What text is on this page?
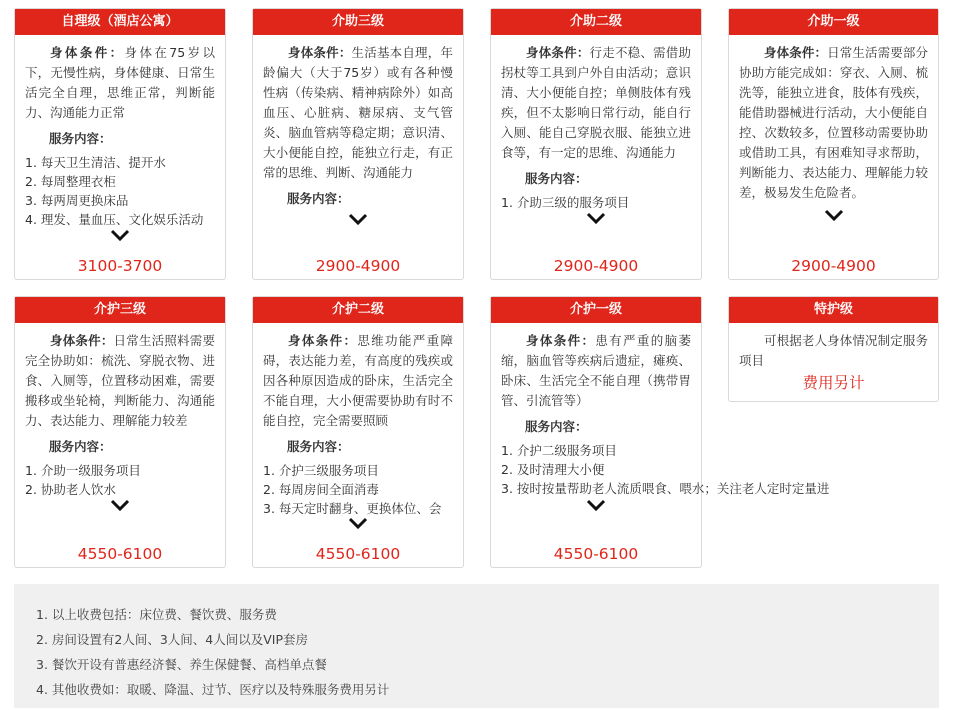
自理级（酒店公寓）

身体条件：身体在75岁以下，无慢性病，身体健康、日常生活完全自理，思维正常，判断能力、沟通能力正常

服务内容：
1. 每天卫生清洁、提开水
2. 每周整理衣柜
3. 每两周更换床品
4. 理发、量血压、文化娱乐活动
3100-3700
介助三级

身体条件：生活基本自理，年龄偏大（大于75岁）或有各种慢性病（传染病、精神病除外）如高血压、心脏病、糖尿病、支气管炎、脑血管病等稳定期；意识清、大小便能自控，能独立行走，有正常的思维、判断、沟通能力

服务内容：
2900-4900
介助二级

身体条件：行走不稳、需借助拐杖等工具到户外自由活动；意识清、大小便能自控；单侧肢体有残疾，但不太影响日常行动，能自行入厕、能自己穿脱衣服、能独立进食等，有一定的思维、沟通能力

服务内容：
1. 介助三级的服务项目
2900-4900
介助一级

身体条件：日常生活需要部分协助方能完成如：穿衣、入厕、梳洗等，能独立进食，肢体有残疾，能借助器械进行活动，大小便能自控、次数较多，位置移动需要协助或借助工具，有困难知寻求帮助，判断能力、表达能力、理解能力较差，极易发生危险者。

2900-4900
介护三级

身体条件：日常生活照料需要完全协助如：梳洗、穿脱衣物、进食、入厕等，位置移动困难，需要搬移或坐轮椅，判断能力、沟通能力、表达能力、理解能力较差

服务内容：
1. 介助一级服务项目
2. 协助老人饮水
4550-6100
介护二级

身体条件：思维功能严重障碍，表达能力差，有高度的残疾或因各种原因造成的卧床，生活完全不能自理，大小便需要协助有时不能自控，完全需要照顾

服务内容：
1. 介护三级服务项目
2. 每周房间全面消毒
3. 每天定时翻身、更换体位、会
4550-6100
介护一级

身体条件：患有严重的脑萎缩，脑血管等疾病后遗症，瘫痪、卧床、生活完全不能自理（携带胃管、引流管等）

服务内容：
1. 介护二级服务项目
2. 及时清理大小便
3. 按时按量帮助老人流质喂食、喂水；关注老人定时定量进
4550-6100
特护级

可根据老人身体情况制定服务项目

费用另计
1. 以上收费包括：床位费、餐饮费、服务费
2. 房间设置有2人间、3人间、4人间以及VIP套房
3. 餐饮开设有普惠经济餐、养生保健餐、高档单点餐
4. 其他收费如：取暖、降温、过节、医疗以及特殊服务费用另计
